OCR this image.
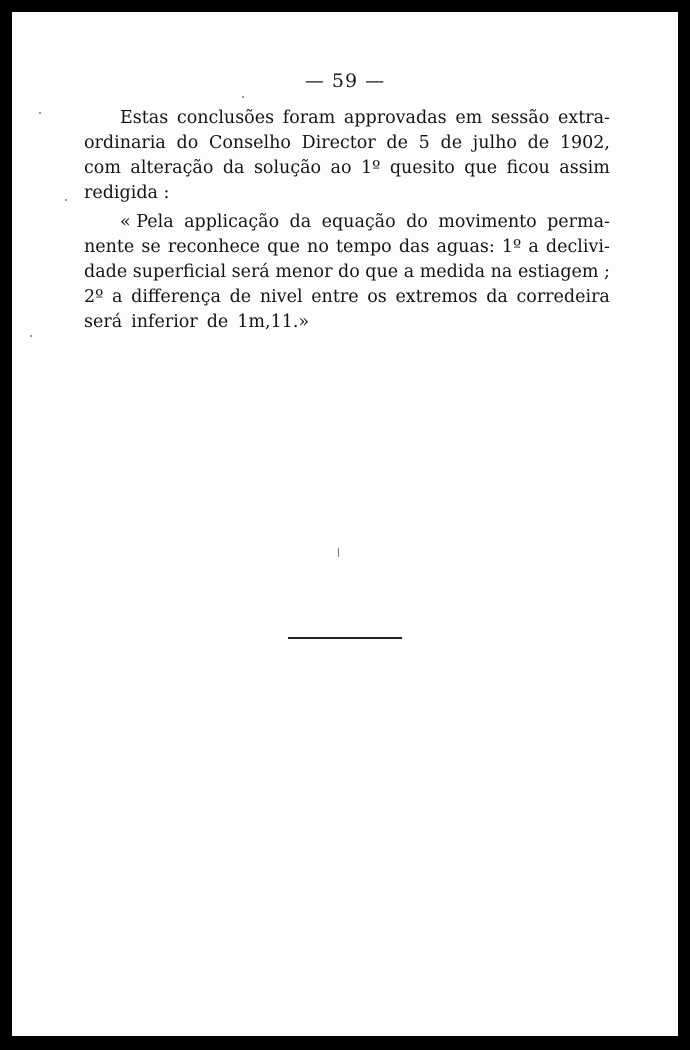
— 59 —
Estas conclusões foram approvadas em sessão extra-
ordinaria do Conselho Director de 5 de julho de 1902,
com alteração da solução ao 1º quesito que ficou assim
redigida :
« Pela applicação da equação do movimento perma-
nente se reconhece que no tempo das aguas: 1º a declivi-
dade superficial será menor do que a medida na estiagem ;
2º a differença de nivel entre os extremos da corredeira
será inferior de 1m,11.»
